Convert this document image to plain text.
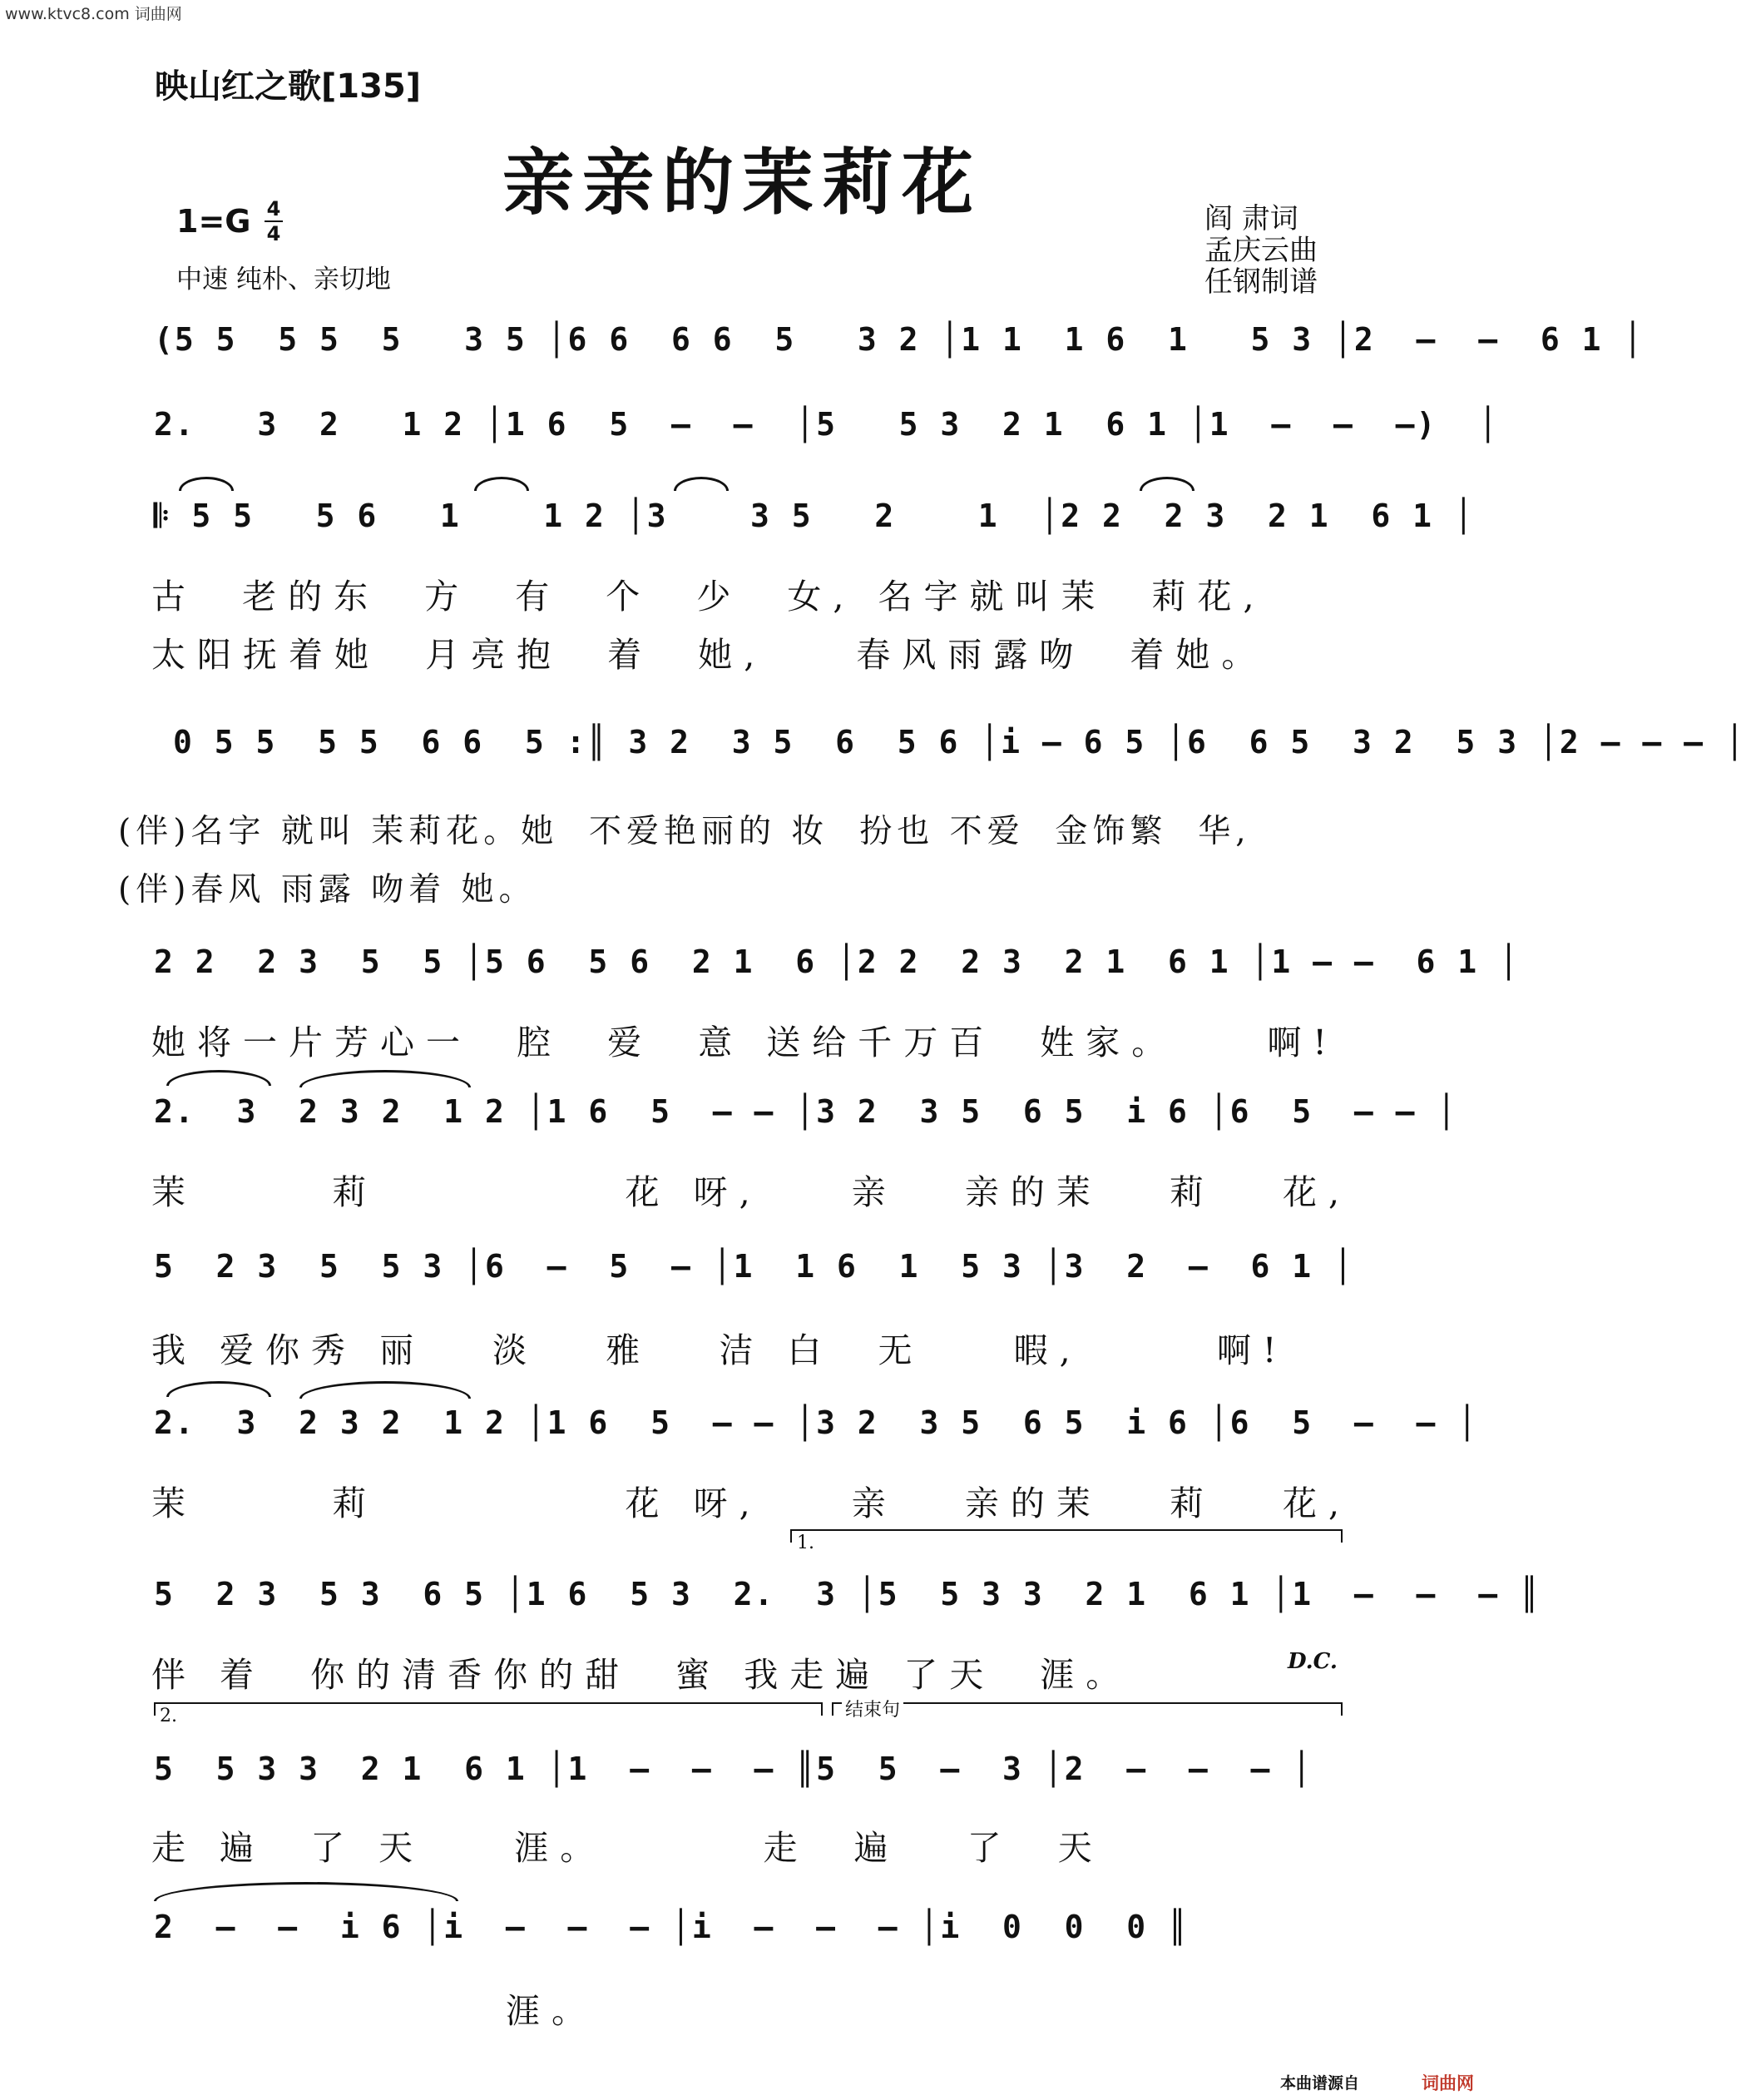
www.ktvc8.com 词曲网
映山红之歌[135]
亲亲的茉莉花
1=G 4
4
中速 纯朴、亲切地
阎 肃词
孟庆云曲
任钢制谱
(5 5  5 5  5   3 5 │6 6  6 6  5   3 2 │1 1  1 6  1   5 3 │2  –  –  6 1 │
2.   3  2   1 2 │1 6  5  –  –  │5   5 3  2 1  6 1 │1  –  –  –)  │
𝄆 5 5   5 6   1    1 2 │3    3 5   2    1  │2 2  2 3  2 1  6 1 │
古  老的东  方  有  个  少  女, 名字就叫茉  莉花,
太阳抚着她  月亮抱  着  她,    春风雨露吻  着她。
0 5 5  5 5  6 6  5 :║ 3 2  3 5  6  5 6 │i – 6 5 │6  6 5  3 2  5 3 │2 – – – │
(伴)名字 就叫 茉莉花。她  不爱艳丽的 妆  扮也 不爱  金饰繁  华,
(伴)春风 雨露 吻着 她。
2 2  2 3  5  5 │5 6  5 6  2 1  6 │2 2  2 3  2 1  6 1 │1 – –  6 1 │
她将一片芳心一  腔  爱  意 送给千万百  姓家。    啊!
2.  3  2 3 2  1 2 │1 6  5  – – │3 2  3 5  6 5  i 6 │6  5  – – │
茉      莉           花 呀,    亲   亲的茉   莉   花,
5  2 3  5  5 3 │6  –  5  – │1  1 6  1  5 3 │3  2  –  6 1 │
我 爱你秀 丽   淡   雅   洁 白  无    暇,      啊!
2.  3  2 3 2  1 2 │1 6  5  – – │3 2  3 5  6 5  i 6 │6  5  –  – │
茉      莉           花 呀,    亲   亲的茉   莉   花,
1.
5  2 3  5 3  6 5 │1 6  5 3  2.  3 │5  5 3 3  2 1  6 1 │1  –  –  – ║
伴 着  你的清香你的甜  蜜 我走遍 了天  涯。	D.C.
2.	结束句
5  5 3 3  2 1  6 1 │1  –  –  – ║5  5  –  3 │2  –  –  – │
走 遍  了 天    涯。       走  遍   了  天
2  –  –  i 6 │i  –  –  – │i  –  –  – │i  0  0  0 ║
涯。
本曲谱源自	词曲网
